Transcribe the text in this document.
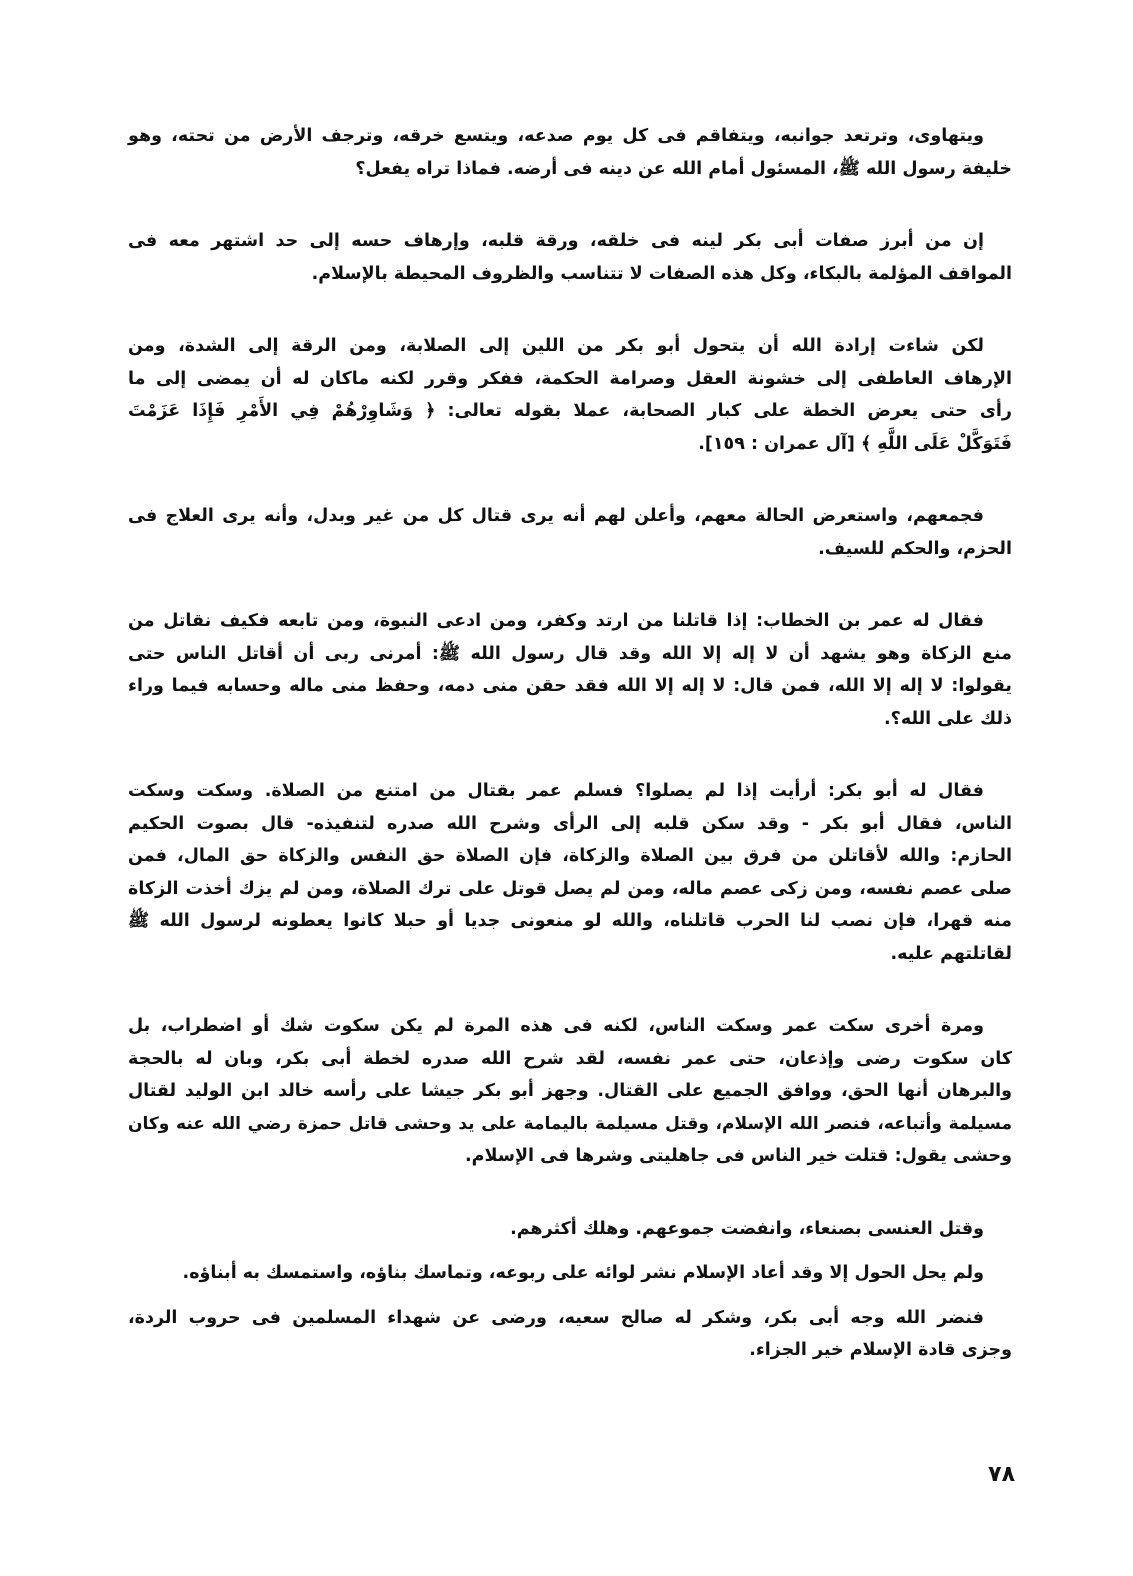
ويتهاوى، وترتعد جوانبه، ويتفاقم فى كل يوم صدعه، ويتسع خرقه، وترجف الأرض من تحته، وهو
خليفة رسول الله ﷺ، المسئول أمام الله عن دينه فى أرضه. فماذا تراه يفعل؟
إن من أبرز صفات أبى بكر لينه فى خلقه، ورقة قلبه، وإرهاف حسه إلى حد اشتهر معه فى
المواقف المؤلمة بالبكاء، وكل هذه الصفات لا تتناسب والظروف المحيطة بالإسلام.
لكن شاءت إرادة الله أن يتحول أبو بكر من اللين إلى الصلابة، ومن الرقة إلى الشدة، ومن
الإرهاف العاطفى إلى خشونة العقل وصرامة الحكمة، ففكر وقرر لكنه ماكان له أن يمضى إلى ما
رأى حتى يعرض الخطة على كبار الصحابة، عملا بقوله تعالى: ﴿ وَشَاوِرْهُمْ فِي الأَمْرِ فَإِذَا عَزَمْتَ
فَتَوَكَّلْ عَلَى اللَّهِ ﴾ [آل عمران : ١٥٩].
فجمعهم، واستعرض الحالة معهم، وأعلن لهم أنه يرى قتال كل من غير وبدل، وأنه يرى العلاج فى
الحزم، والحكم للسيف.
فقال له عمر بن الخطاب: إذا قاتلنا من ارتد وكفر، ومن ادعى النبوة، ومن تابعه فكيف نقاتل من
منع الزكاة وهو يشهد أن لا إله إلا الله وقد قال رسول الله ﷺ: أمرنى ربى أن أقاتل الناس حتى
يقولوا: لا إله إلا الله، فمن قال: لا إله إلا الله فقد حقن منى دمه، وحفظ منى ماله وحسابه فيما وراء
ذلك على الله؟.
فقال له أبو بكر: أرأيت إذا لم يصلوا؟ فسلم عمر بقتال من امتنع من الصلاة. وسكت وسكت
الناس، فقال أبو بكر - وقد سكن قلبه إلى الرأى وشرح الله صدره لتنفيذه- قال بصوت الحكيم
الحازم: والله لأقاتلن من فرق بين الصلاة والزكاة، فإن الصلاة حق النفس والزكاة حق المال، فمن
صلى عصم نفسه، ومن زكى عصم ماله، ومن لم يصل قوتل على ترك الصلاة، ومن لم يزك أخذت الزكاة
منه قهرا، فإن نصب لنا الحرب قاتلناه، والله لو منعونى جديا أو حبلا كانوا يعطونه لرسول الله ﷺ
لقاتلتهم عليه.
ومرة أخرى سكت عمر وسكت الناس، لكنه فى هذه المرة لم يكن سكوت شك أو اضطراب، بل
كان سكوت رضى وإذعان، حتى عمر نفسه، لقد شرح الله صدره لخطة أبى بكر، وبان له بالحجة
والبرهان أنها الحق، ووافق الجميع على القتال. وجهز أبو بكر جيشا على رأسه خالد ابن الوليد لقتال
مسيلمة وأتباعه، فنصر الله الإسلام، وقتل مسيلمة باليمامة على يد وحشى قاتل حمزة رضي الله عنه وكان
وحشى يقول: قتلت خير الناس فى جاهليتى وشرها فى الإسلام.
وقتل العنسى بصنعاء، وانفضت جموعهم. وهلك أكثرهم.
ولم يحل الحول إلا وقد أعاد الإسلام نشر لوائه على ربوعه، وتماسك بناؤه، واستمسك به أبناؤه.
فنضر الله وجه أبى بكر، وشكر له صالح سعيه، ورضى عن شهداء المسلمين فى حروب الردة،
وجزى قادة الإسلام خير الجزاء.
٧٨
